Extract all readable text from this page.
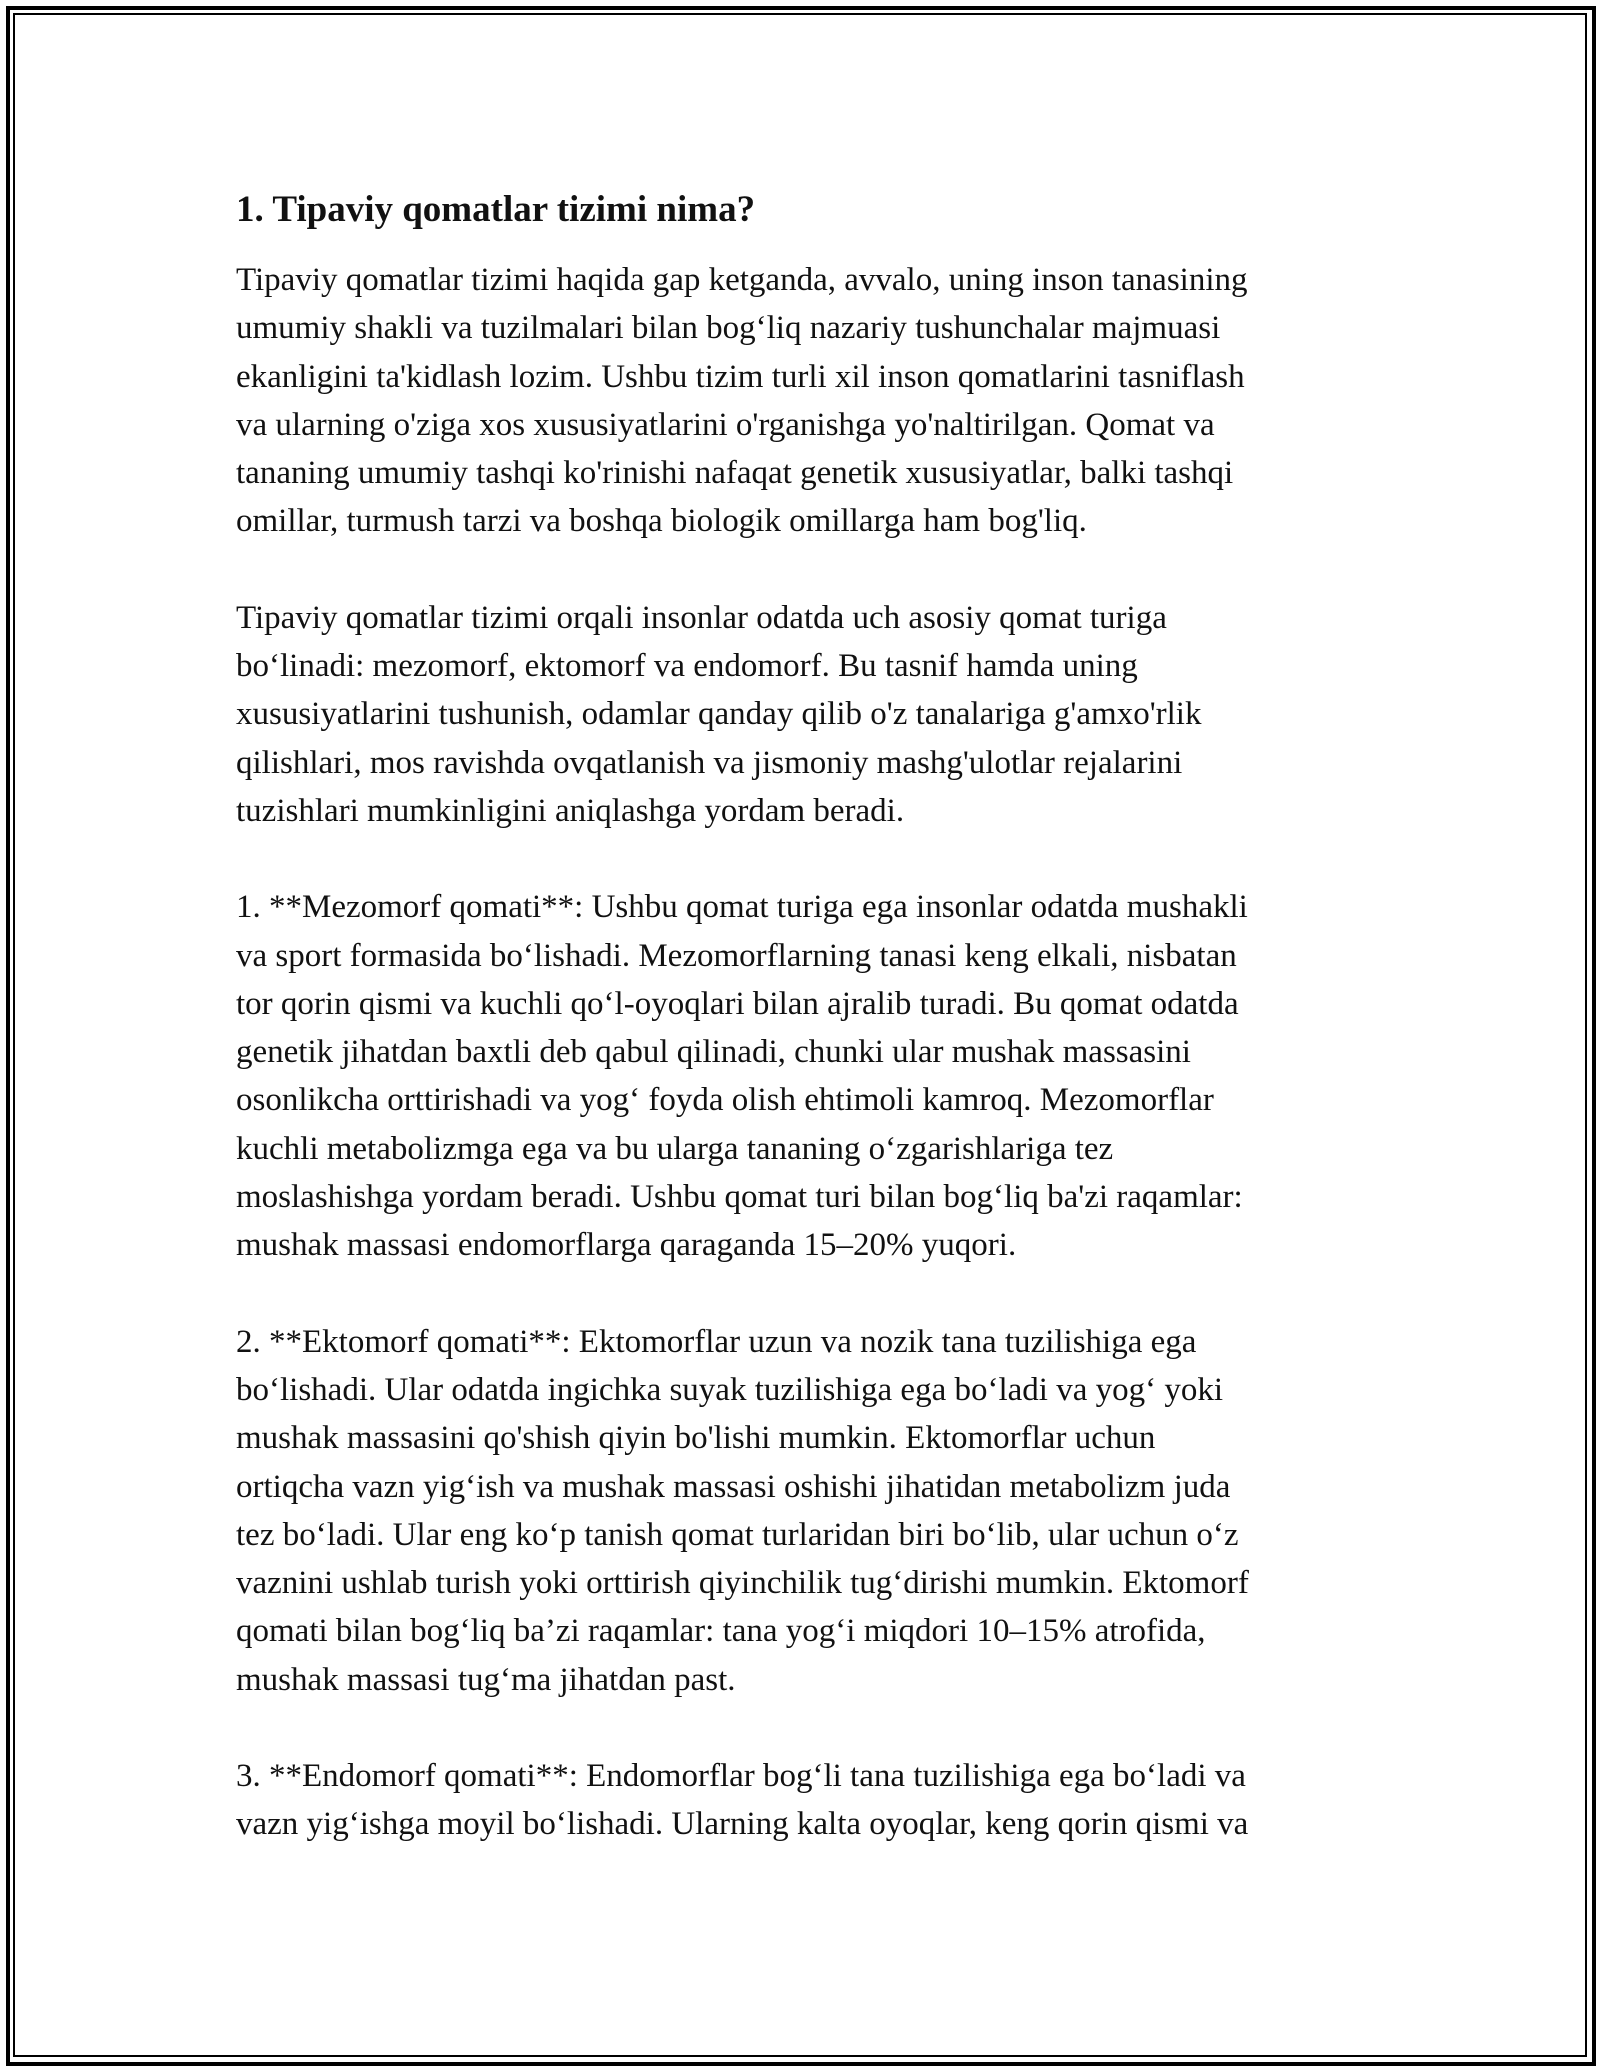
1. Tipaviy qomatlar tizimi nima?

Tipaviy qomatlar tizimi haqida gap ketganda, avvalo, uning inson tanasining
umumiy shakli va tuzilmalari bilan bog‘liq nazariy tushunchalar majmuasi
ekanligini ta'kidlash lozim. Ushbu tizim turli xil inson qomatlarini tasniflash
va ularning o'ziga xos xususiyatlarini o'rganishga yo'naltirilgan. Qomat va
tananing umumiy tashqi ko'rinishi nafaqat genetik xususiyatlar, balki tashqi
omillar, turmush tarzi va boshqa biologik omillarga ham bog'liq.

Tipaviy qomatlar tizimi orqali insonlar odatda uch asosiy qomat turiga
bo‘linadi: mezomorf, ektomorf va endomorf. Bu tasnif hamda uning
xususiyatlarini tushunish, odamlar qanday qilib o'z tanalariga g'amxo'rlik
qilishlari, mos ravishda ovqatlanish va jismoniy mashg'ulotlar rejalarini
tuzishlari mumkinligini aniqlashga yordam beradi.

1. **Mezomorf qomati**: Ushbu qomat turiga ega insonlar odatda mushakli
va sport formasida bo‘lishadi. Mezomorflarning tanasi keng elkali, nisbatan
tor qorin qismi va kuchli qo‘l-oyoqlari bilan ajralib turadi. Bu qomat odatda
genetik jihatdan baxtli deb qabul qilinadi, chunki ular mushak massasini
osonlikcha orttirishadi va yog‘ foyda olish ehtimoli kamroq. Mezomorflar
kuchli metabolizmga ega va bu ularga tananing o‘zgarishlariga tez
moslashishga yordam beradi. Ushbu qomat turi bilan bog‘liq ba'zi raqamlar:
mushak massasi endomorflarga qaraganda 15–20% yuqori.

2. **Ektomorf qomati**: Ektomorflar uzun va nozik tana tuzilishiga ega
bo‘lishadi. Ular odatda ingichka suyak tuzilishiga ega bo‘ladi va yog‘ yoki
mushak massasini qo'shish qiyin bo'lishi mumkin. Ektomorflar uchun
ortiqcha vazn yig‘ish va mushak massasi oshishi jihatidan metabolizm juda
tez bo‘ladi. Ular eng ko‘p tanish qomat turlaridan biri bo‘lib, ular uchun o‘z
vaznini ushlab turish yoki orttirish qiyinchilik tug‘dirishi mumkin. Ektomorf
qomati bilan bog‘liq ba’zi raqamlar: tana yog‘i miqdori 10–15% atrofida,
mushak massasi tug‘ma jihatdan past.

3. **Endomorf qomati**: Endomorflar bog‘li tana tuzilishiga ega bo‘ladi va
vazn yig‘ishga moyil bo‘lishadi. Ularning kalta oyoqlar, keng qorin qismi va
